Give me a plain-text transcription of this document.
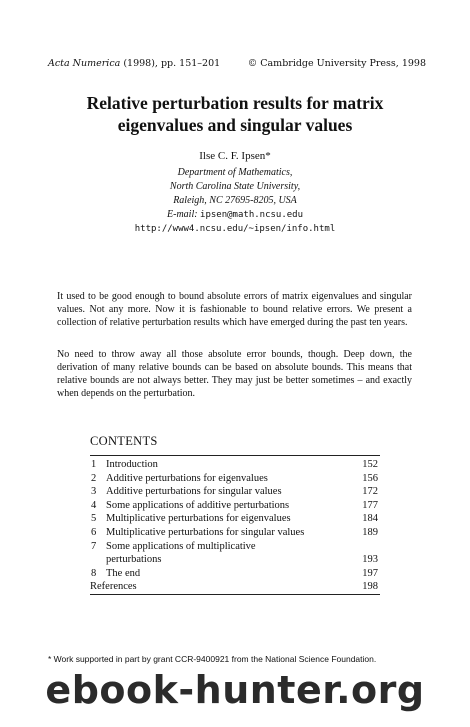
Acta Numerica (1998), pp. 151–201	© Cambridge University Press, 1998
Relative perturbation results for matrix
eigenvalues and singular values
Ilse C. F. Ipsen*
Department of Mathematics,
North Carolina State University,
Raleigh, NC 27695-8205, USA
E-mail: ipsen@math.ncsu.edu
http://www4.ncsu.edu/~ipsen/info.html
It used to be good enough to bound absolute errors of matrix eigenvalues and singular values. Not any more. Now it is fashionable to bound relative errors. We present a collection of relative perturbation results which have emerged during the past ten years.
No need to throw away all those absolute error bounds, though. Deep down, the derivation of many relative bounds can be based on absolute bounds. This means that relative bounds are not always better. They may just be better sometimes – and exactly when depends on the perturbation.
CONTENTS
1	Introduction	152
2	Additive perturbations for eigenvalues	156
3	Additive perturbations for singular values	172
4	Some applications of additive perturbations	177
5	Multiplicative perturbations for eigenvalues	184
6	Multiplicative perturbations for singular values	189
7	Some applications of multiplicative	
	perturbations	193
8	The end	197
References		198
* Work supported in part by grant CCR-9400921 from the National Science Foundation.
ebook-hunter.org
